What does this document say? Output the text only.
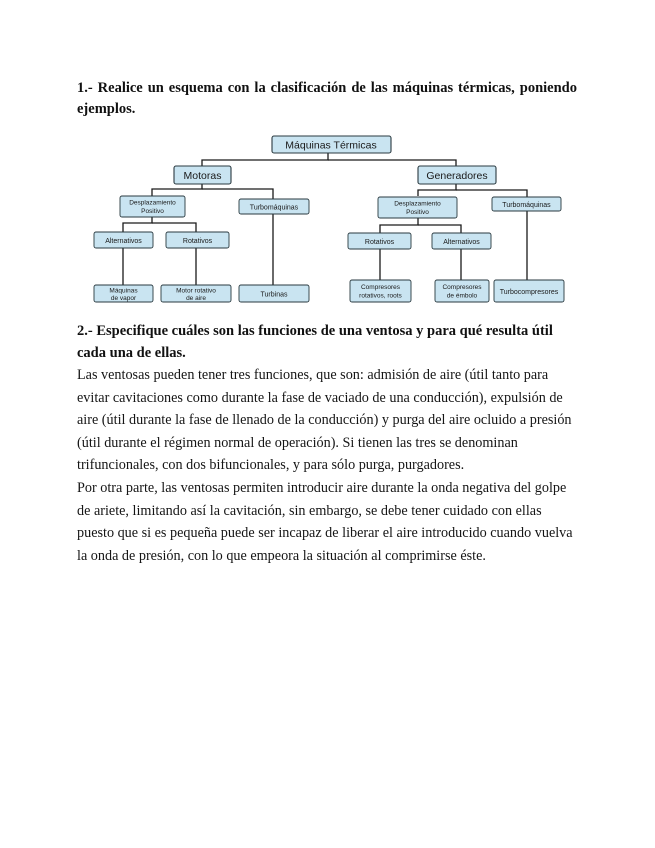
1.- Realice un esquema con la clasificación de las máquinas térmicas, poniendo ejemplos.

Máquinas Térmicas
Motoras	Generadores
Desplazamiento
Positivo	Turbomáquinas
Alternativos	Rotativos
Máquinas
de vapor
Motor rotativo
de aire	Turbinas
Desplazamiento
Positivo
Turbomáquinas
Rotativos	Alternativos
Compresores
rotativos, roots
Compresores
de émbolo	Turbocompresores

2.- Especifique cuáles son las funciones de una ventosa y para qué resulta útil cada una de ellas.

Las ventosas pueden tener tres funciones, que son: admisión de aire (útil tanto para evitar cavitaciones como durante la fase de vaciado de una conducción), expulsión de aire (útil durante la fase de llenado de la conducción) y purga del aire ocluido a presión (útil durante el régimen normal de operación). Si tienen las tres se denominan trifuncionales, con dos bifuncionales, y para sólo purga, purgadores.

Por otra parte, las ventosas permiten introducir aire durante la onda negativa del golpe de ariete, limitando así la cavitación, sin embargo, se debe tener cuidado con ellas puesto que si es pequeña puede ser incapaz de liberar el aire introducido cuando vuelva la onda de presión, con lo que empeora la situación al comprimirse éste.
